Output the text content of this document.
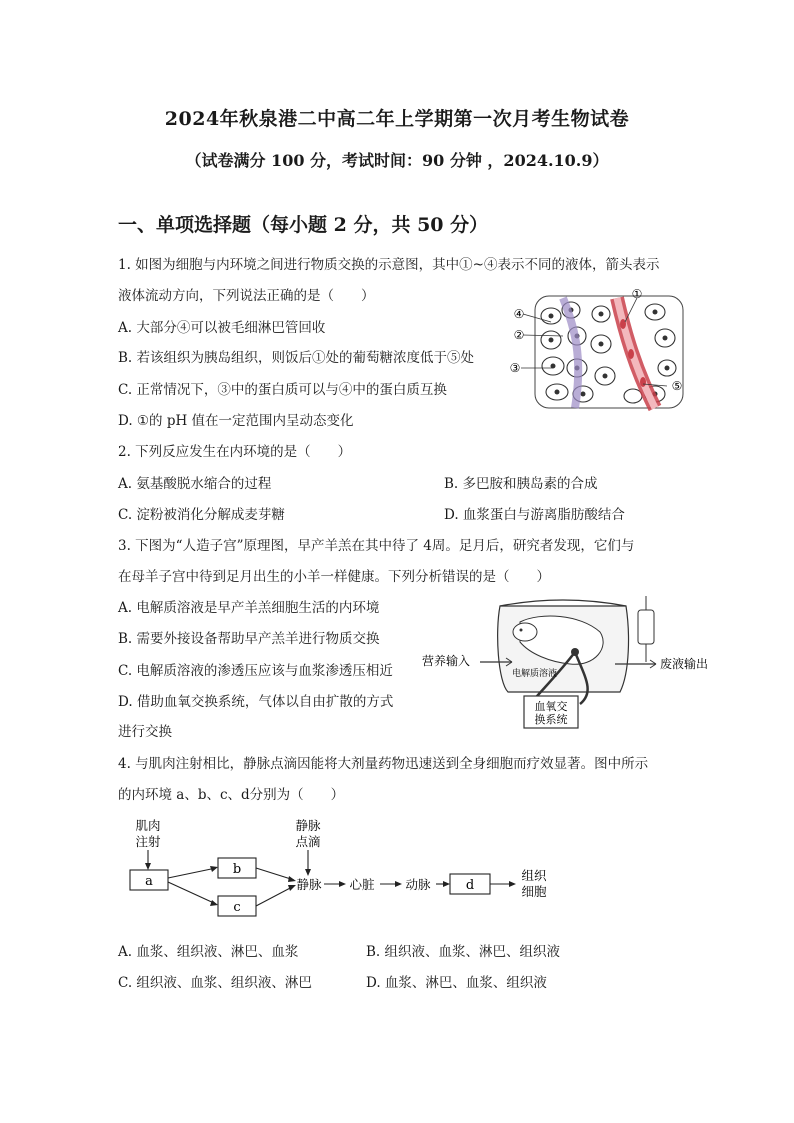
2024年秋泉港二中高二年上学期第一次月考生物试卷
（试卷满分 100 分，考试时间：90 分钟 ，2024.10.9）
一、单项选择题（每小题 2 分，共 50 分）
1. 如图为细胞与内环境之间进行物质交换的示意图，其中①~④表示不同的液体，箭头表示
液体流动方向，下列说法正确的是（　　）
A. 大部分④可以被毛细淋巴管回收
B. 若该组织为胰岛组织，则饭后①处的葡萄糖浓度低于⑤处
C. 正常情况下，③中的蛋白质可以与④中的蛋白质互换
D. ①的 pH 值在一定范围内呈动态变化
①
④
②
③
⑤
2. 下列反应发生在内环境的是（　　）
A. 氨基酸脱水缩合的过程	B. 多巴胺和胰岛素的合成
C. 淀粉被消化分解成麦芽糖	D. 血浆蛋白与游离脂肪酸结合
3. 下图为“人造子宫”原理图，早产羊羔在其中待了 4周。足月后，研究者发现，它们与
在母羊子宫中待到足月出生的小羊一样健康。下列分析错误的是（　　）
A. 电解质溶液是早产羊羔细胞生活的内环境
B. 需要外接设备帮助早产羔羊进行物质交换
C. 电解质溶液的渗透压应该与血浆渗透压相近
D. 借助血氧交换系统，气体以自由扩散的方式
进行交换
营养输入
电解质溶液
废液输出
血氧交
换系统
4. 与肌肉注射相比，静脉点滴因能将大剂量药物迅速送到全身细胞而疗效显著。图中所示
的内环境 a、b、c、d分别为（　　）
肌肉
注射
静脉
点滴
a
b
c
d
静脉 心脏 动脉
组织
细胞
A. 血浆、组织液、淋巴、血浆	B. 组织液、血浆、淋巴、组织液
C. 组织液、血浆、组织液、淋巴	D. 血浆、淋巴、血浆、组织液
